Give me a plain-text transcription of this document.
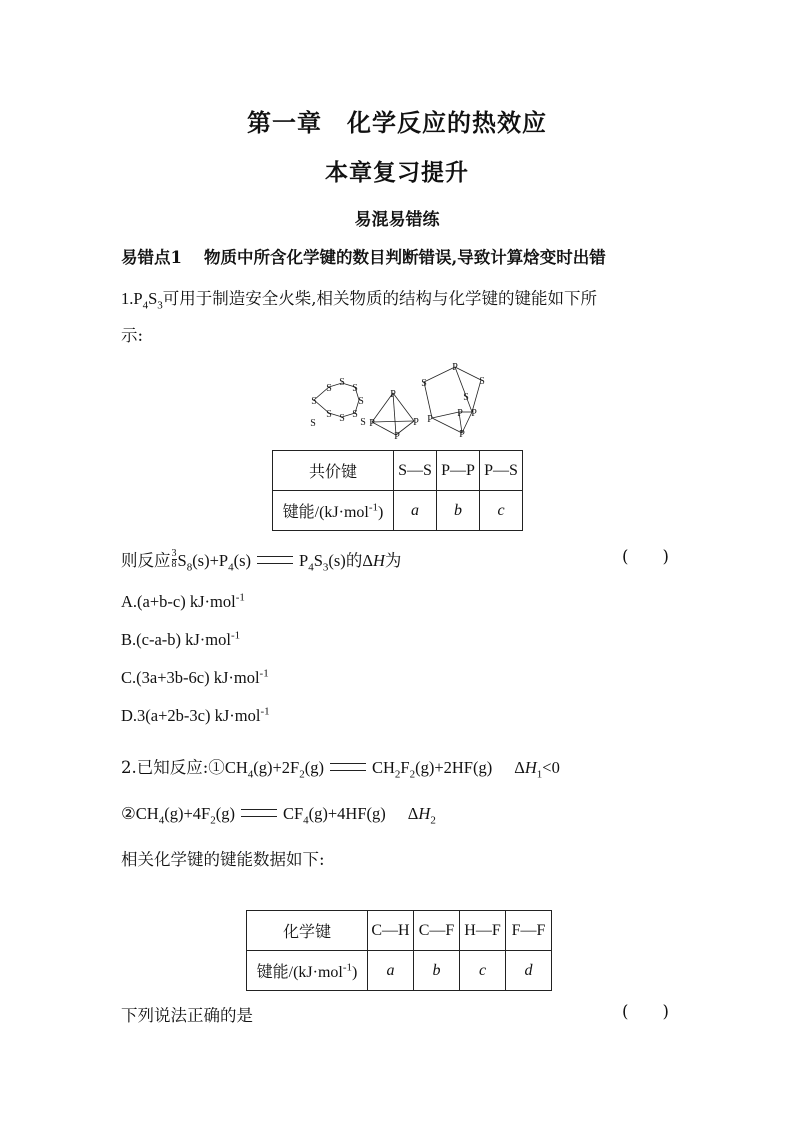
第一章　化学反应的热效应
本章复习提升
易混易错练
易错点1 物质中所含化学键的数目判断错误,导致计算焓变时出错
$1.P_4S_3$可用于制造安全火柴,相关物质的结构与化学键的键能如下所
示:
S
S
S
S	S
S S S
S	S P
P
P
P
P
S	S
S
P
P P
P
共价键	S—S	P—P	P—S
键能/(kJ·mol$^{-1}$)	a	b	c
则反应 $\frac{3}{8} S_8(s)+P_4(s)$	$P_4S_3(s)$的ΔH为	( )
A.(a+b-c) kJ·mol$^{-1}$
B.(c-a-b) kJ·mol$^{-1}$
C.(3a+3b-6c) kJ·mol$^{-1}$
D.3(a+2b-3c) kJ·mol$^{-1}$
2.已知反应$:①CH_4(g)+2F_2(g)$	$CH_2F_2(g)+2HF(g)$ $\Delta H_1<0$
$②CH_4(g)+4F_2(g)$	$CF_4(g)+4HF(g)$ $\Delta H_2$
相关化学键的键能数据如下:
化学键	C—H	C—F	H—F	F—F
键能/(kJ·mol$^{-1}$)	a	b	c	d
下列说法正确的是	( )
